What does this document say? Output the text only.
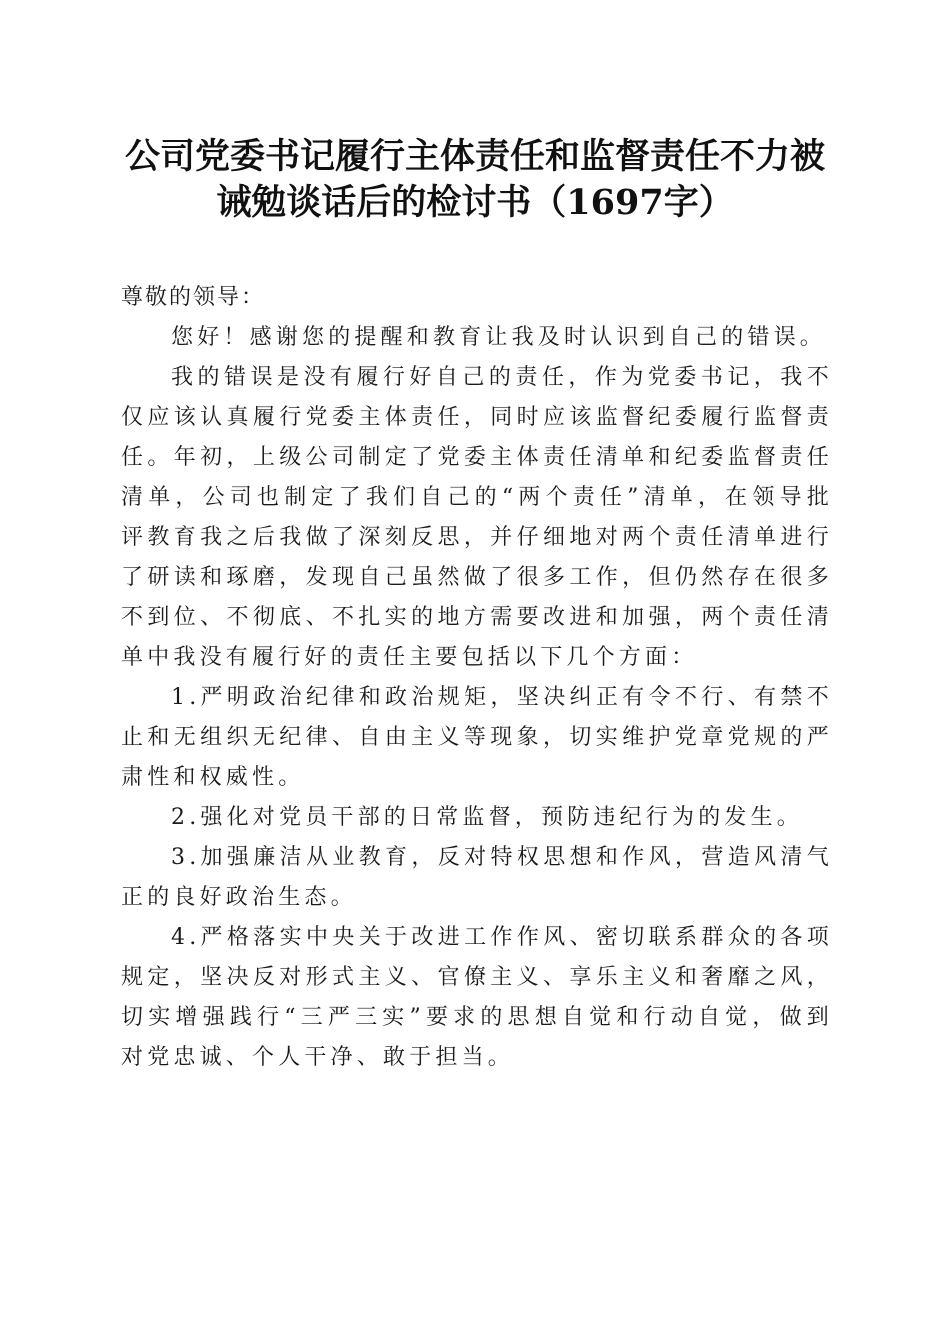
公司党委书记履行主体责任和监督责任不力被
诫勉谈话后的检讨书（1697字）

尊敬的领导：

您好！感谢您的提醒和教育让我及时认识到自己的错误。

我的错误是没有履行好自己的责任，作为党委书记，我不仅应该认真履行党委主体责任，同时应该监督纪委履行监督责任。年初，上级公司制定了党委主体责任清单和纪委监督责任清单，公司也制定了我们自己的“两个责任”清单，在领导批评教育我之后我做了深刻反思，并仔细地对两个责任清单进行了研读和琢磨，发现自己虽然做了很多工作，但仍然存在很多不到位、不彻底、不扎实的地方需要改进和加强，两个责任清单中我没有履行好的责任主要包括以下几个方面：

1.严明政治纪律和政治规矩，坚决纠正有令不行、有禁不止和无组织无纪律、自由主义等现象，切实维护党章党规的严肃性和权威性。

2.强化对党员干部的日常监督，预防违纪行为的发生。

3.加强廉洁从业教育，反对特权思想和作风，营造风清气正的良好政治生态。

4.严格落实中央关于改进工作作风、密切联系群众的各项规定，坚决反对形式主义、官僚主义、享乐主义和奢靡之风，切实增强践行“三严三实”要求的思想自觉和行动自觉，做到对党忠诚、个人干净、敢于担当。
